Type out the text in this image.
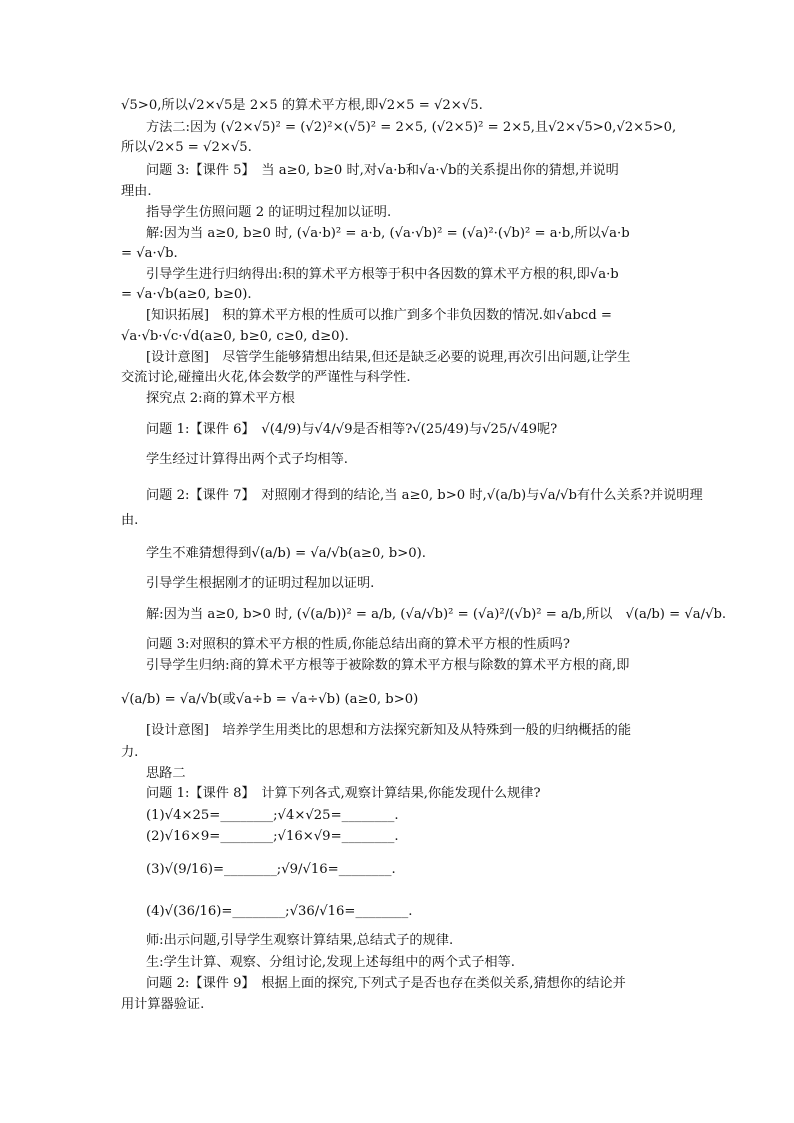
√5>0,所以√2×√5是 2×5 的算术平方根,即√2×5 = √2×√5.
方法二:因为 (√2×√5)² = (√2)²×(√5)² = 2×5, (√2×5)² = 2×5,且√2×√5>0,√2×5>0,
所以√2×5 = √2×√5.
问题 3:【课件 5】　当 a≥0, b≥0 时,对√a·b和√a·√b的关系提出你的猜想,并说明
理由.
指导学生仿照问题 2 的证明过程加以证明.
解:因为当 a≥0, b≥0 时, (√a·b)² = a·b, (√a·√b)² = (√a)²·(√b)² = a·b,所以√a·b
= √a·√b.
引导学生进行归纳得出:积的算术平方根等于积中各因数的算术平方根的积,即√a·b
= √a·√b(a≥0, b≥0).
[知识拓展]　积的算术平方根的性质可以推广到多个非负因数的情况.如√abcd =
√a·√b·√c·√d(a≥0, b≥0, c≥0, d≥0).
[设计意图]　尽管学生能够猜想出结果,但还是缺乏必要的说理,再次引出问题,让学生
交流讨论,碰撞出火花,体会数学的严谨性与科学性.
探究点 2:商的算术平方根
问题 1:【课件 6】　√(4/9)与√4/√9是否相等?√(25/49)与√25/√49呢?
学生经过计算得出两个式子均相等.
问题 2:【课件 7】　对照刚才得到的结论,当 a≥0, b>0 时,√(a/b)与√a/√b有什么关系?并说明理
由.
学生不难猜想得到√(a/b) = √a/√b(a≥0, b>0).
引导学生根据刚才的证明过程加以证明.
解:因为当 a≥0, b>0 时, (√(a/b))² = a/b, (√a/√b)² = (√a)²/(√b)² = a/b,所以　√(a/b) = √a/√b.
问题 3:对照积的算术平方根的性质,你能总结出商的算术平方根的性质吗?
引导学生归纳:商的算术平方根等于被除数的算术平方根与除数的算术平方根的商,即
√(a/b) = √a/√b(或√a÷b = √a÷√b) (a≥0, b>0)
[设计意图]　培养学生用类比的思想和方法探究新知及从特殊到一般的归纳概括的能
力.
思路二
问题 1:【课件 8】　计算下列各式,观察计算结果,你能发现什么规律?
(1)√4×25=________;√4×√25=________.
(2)√16×9=________;√16×√9=________.
(3)√(9/16)=________;√9/√16=________.
(4)√(36/16)=________;√36/√16=________.
师:出示问题,引导学生观察计算结果,总结式子的规律.
生:学生计算、观察、分组讨论,发现上述每组中的两个式子相等.
问题 2:【课件 9】　根据上面的探究,下列式子是否也存在类似关系,猜想你的结论并
用计算器验证.
